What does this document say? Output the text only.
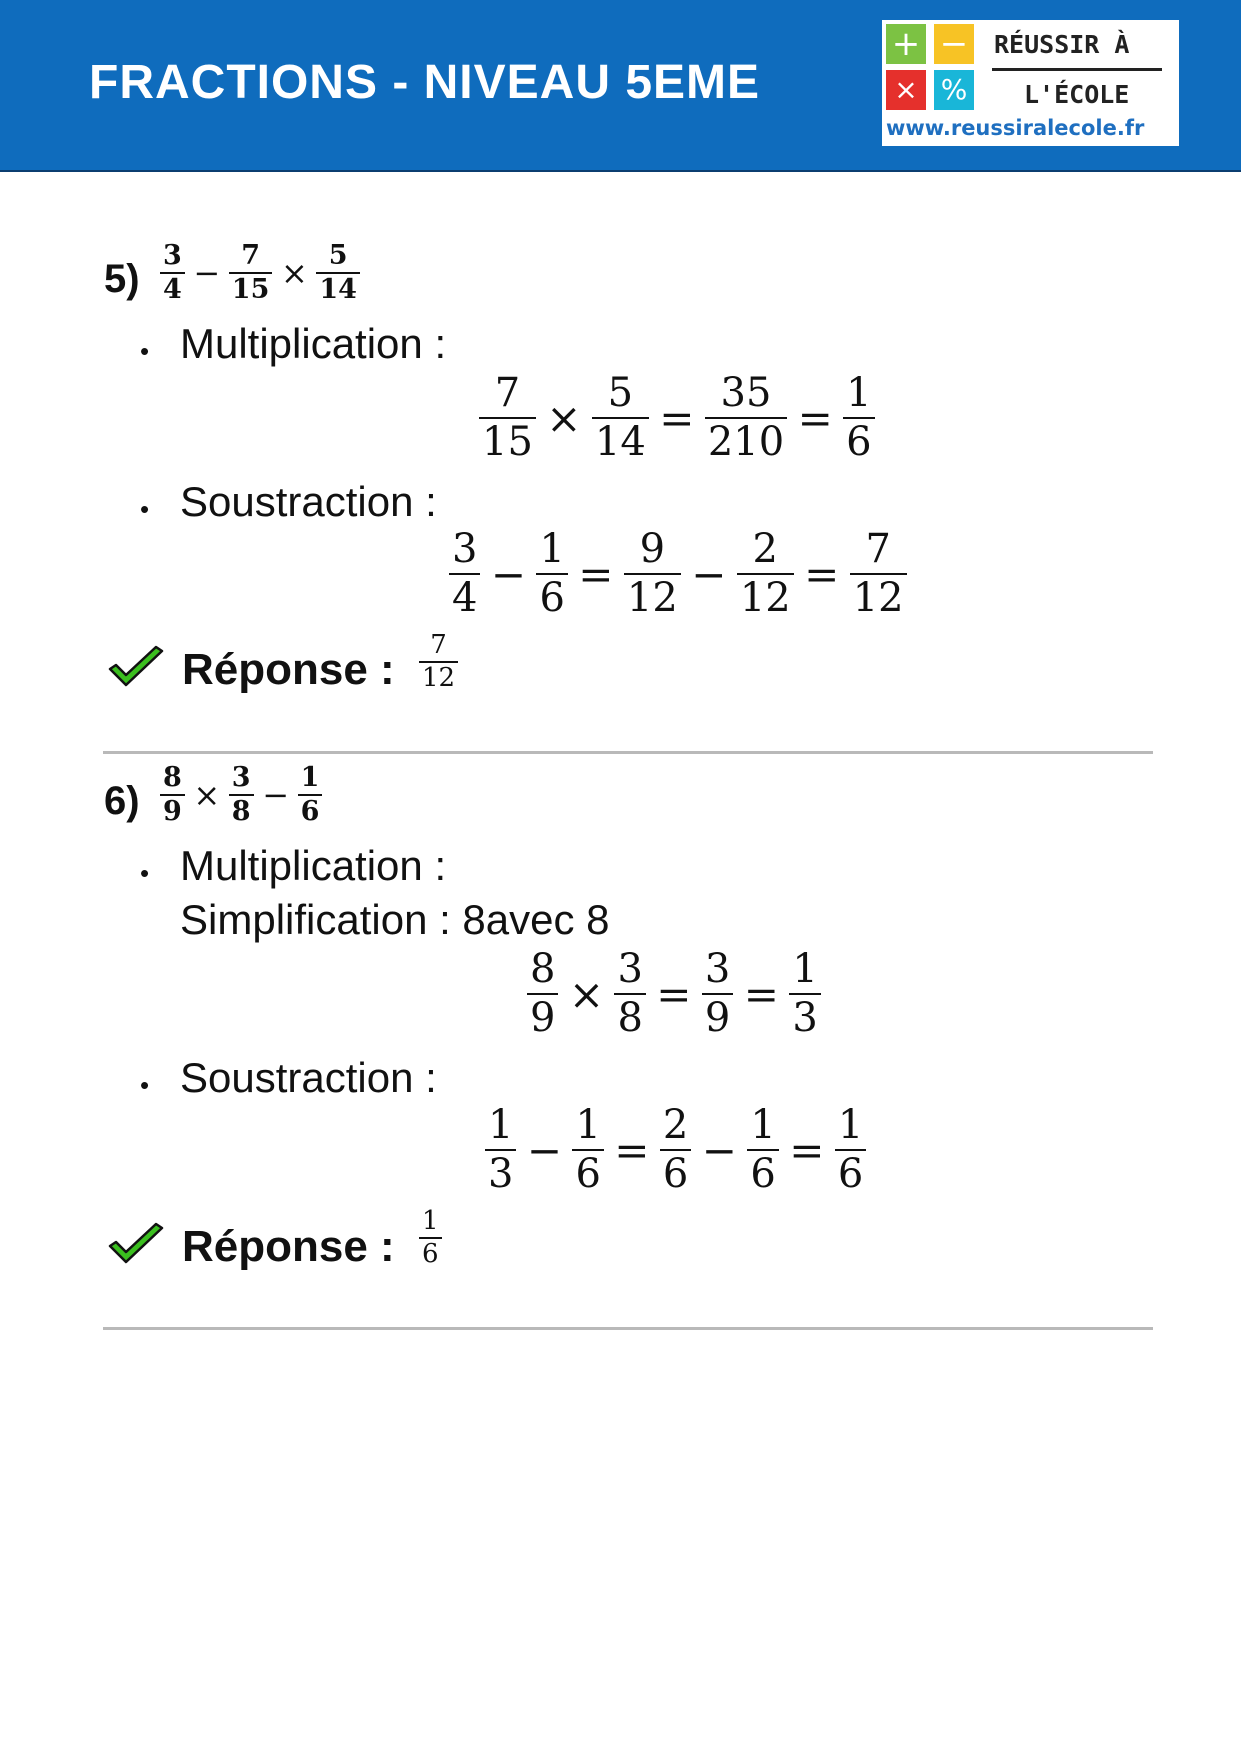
FRACTIONS - NIVEAU 5EME
+ −
× %
RÉUSSIR À
L'ÉCOLE
www.reussiralecole.fr
$5) \frac{3}{4} - \frac{7}{15} \times \frac{5}{14}$
• Multiplication :
$\frac{7}{15} \times \frac{5}{14} = \frac{35}{210} = \frac{1}{6}$
• Soustraction :
$\frac{3}{4} - \frac{1}{6} = \frac{9}{12} - \frac{2}{12} = \frac{7}{12}$
Réponse : $\frac{7}{12}$
$6) \frac{8}{9} \times \frac{3}{8} - \frac{1}{6}$
• Multiplication :
Simplification : 8avec 8
$\frac{8}{9} \times \frac{3}{8} = \frac{3}{9} = \frac{1}{3}$
• Soustraction :
$\frac{1}{3} - \frac{1}{6} = \frac{2}{6} - \frac{1}{6} = \frac{1}{6}$
Réponse : $\frac{1}{6}$
